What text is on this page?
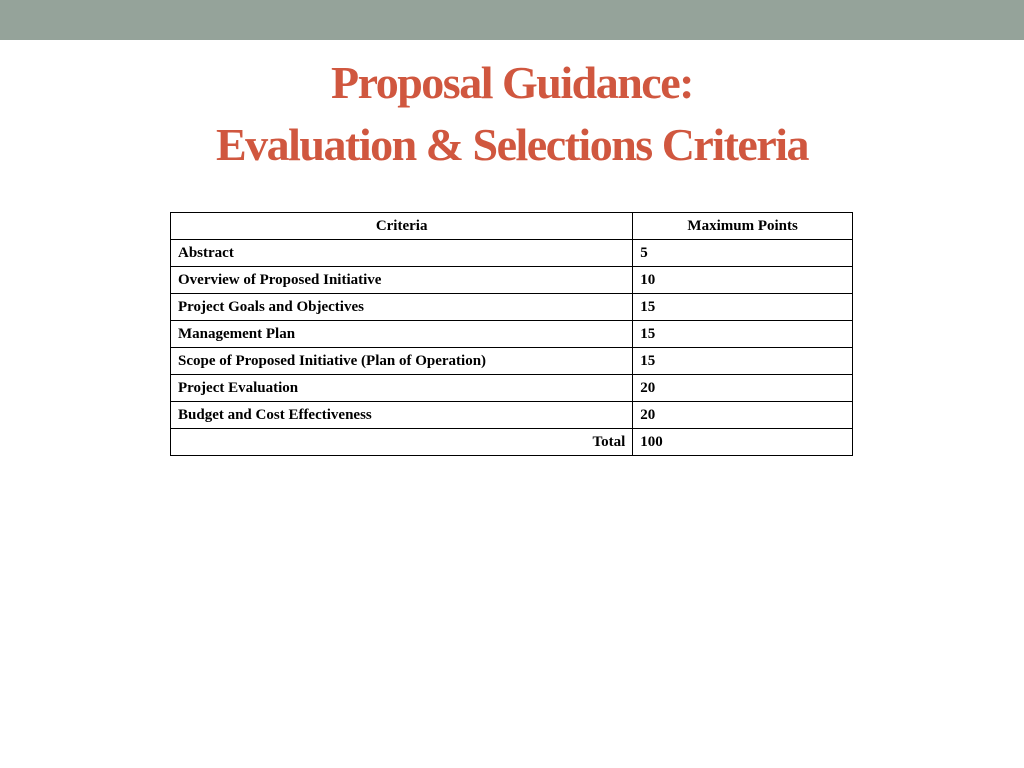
Proposal Guidance:
Evaluation & Selections Criteria
Criteria	Maximum Points
Abstract	5
Overview of Proposed Initiative	10
Project Goals and Objectives	15
Management Plan	15
Scope of Proposed Initiative (Plan of Operation)	15
Project Evaluation	20
Budget and Cost Effectiveness	20
Total	100
